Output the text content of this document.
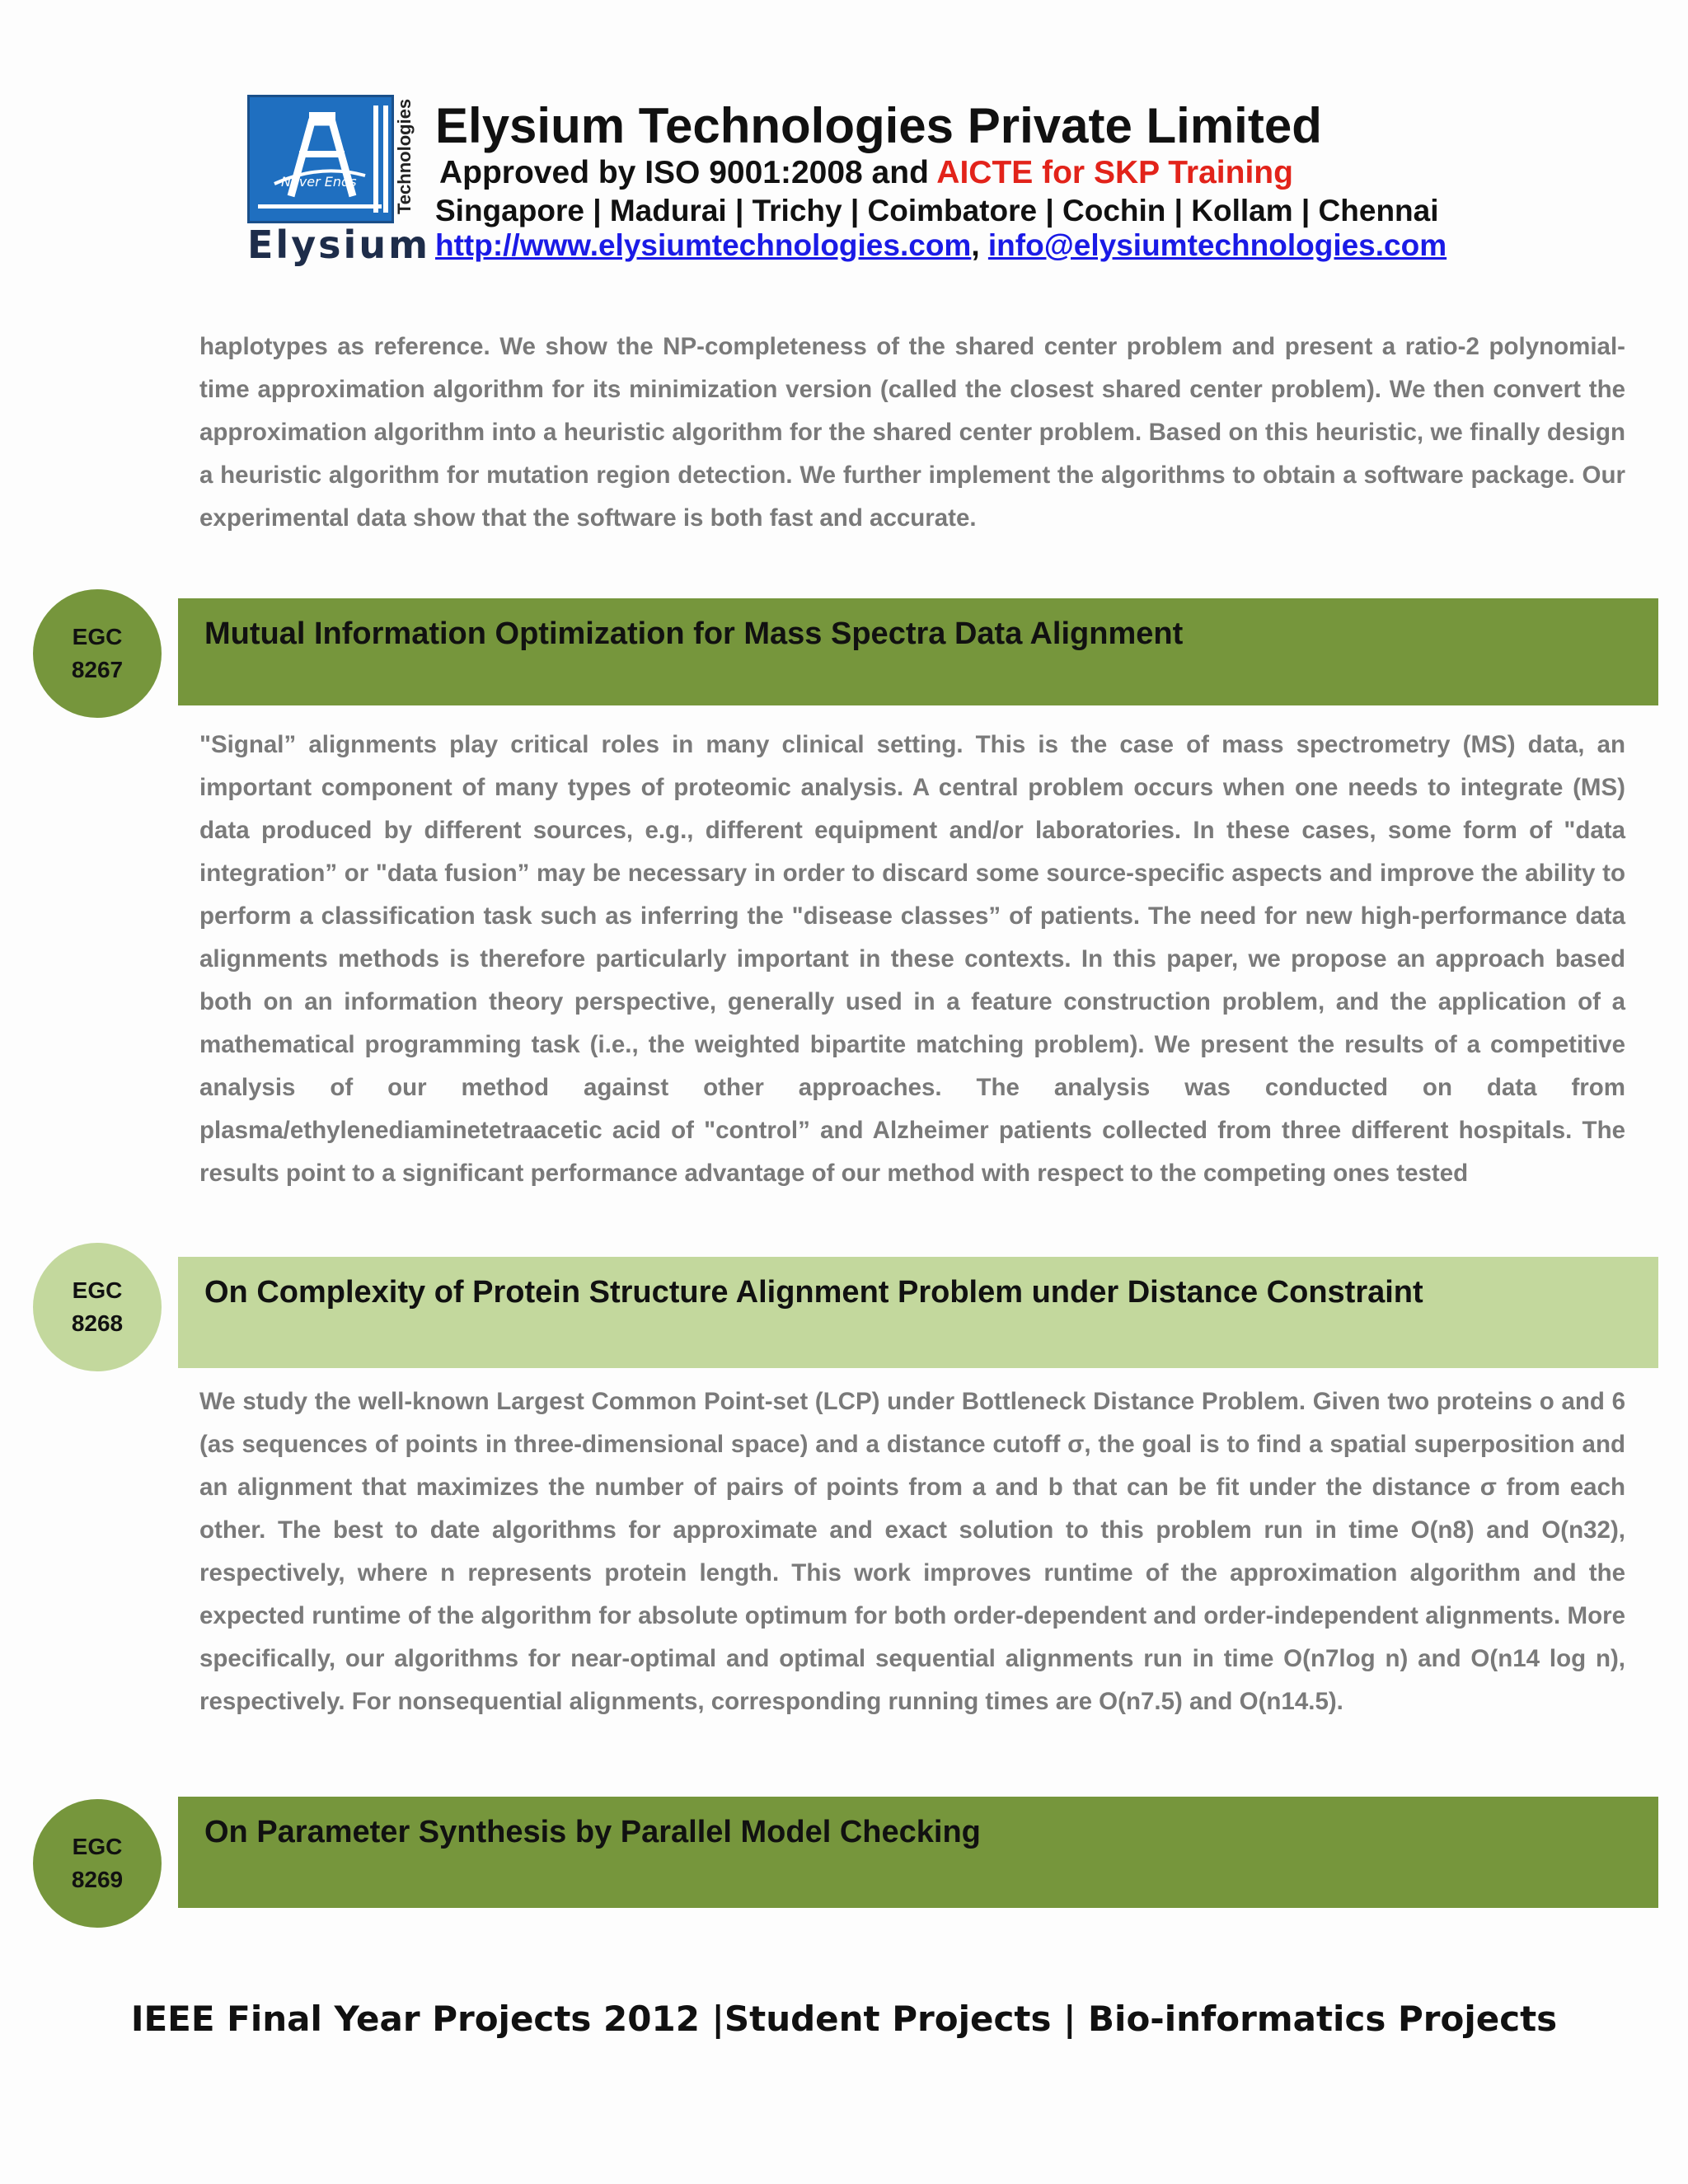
Never Ends Technologies
Elysium
Elysium Technologies Private Limited
Approved by ISO 9001:2008 and AICTE for SKP Training
Singapore | Madurai | Trichy | Coimbatore | Cochin | Kollam | Chennai
http://www.elysiumtechnologies.com, info@elysiumtechnologies.com
haplotypes as reference. We show the NP-completeness of the shared center problem and present a ratio-2 polynomial-time approximation algorithm for its minimization version (called the closest shared center problem). We then convert the approximation algorithm into a heuristic algorithm for the shared center problem. Based on this heuristic, we finally design a heuristic algorithm for mutation region detection. We further implement the algorithms to obtain a software package. Our experimental data show that the software is both fast and accurate.
EGC
8267
Mutual Information Optimization for Mass Spectra Data Alignment
"Signal” alignments play critical roles in many clinical setting. This is the case of mass spectrometry (MS) data, an important component of many types of proteomic analysis. A central problem occurs when one needs to integrate (MS) data produced by different sources, e.g., different equipment and/or laboratories. In these cases, some form of "data integration” or "data fusion” may be necessary in order to discard some source-specific aspects and improve the ability to perform a classification task such as inferring the "disease classes” of patients. The need for new high-performance data alignments methods is therefore particularly important in these contexts. In this paper, we propose an approach based both on an information theory perspective, generally used in a feature construction problem, and the application of a mathematical programming task (i.e., the weighted bipartite matching problem). We present the results of a competitive analysis of our method against other approaches. The analysis was conducted on data from plasma/ethylenediaminetetraacetic acid of "control” and Alzheimer patients collected from three different hospitals. The results point to a significant performance advantage of our method with respect to the competing ones tested
EGC
8268
On Complexity of Protein Structure Alignment Problem under Distance Constraint
We study the well-known Largest Common Point-set (LCP) under Bottleneck Distance Problem. Given two proteins o and 6 (as sequences of points in three-dimensional space) and a distance cutoff σ, the goal is to find a spatial superposition and an alignment that maximizes the number of pairs of points from a and b that can be fit under the distance σ from each other. The best to date algorithms for approximate and exact solution to this problem run in time O(n8) and O(n32), respectively, where n represents protein length. This work improves runtime of the approximation algorithm and the expected runtime of the algorithm for absolute optimum for both order-dependent and order-independent alignments. More specifically, our algorithms for near-optimal and optimal sequential alignments run in time O(n7log n) and O(n14 log n), respectively. For nonsequential alignments, corresponding running times are O(n7.5) and O(n14.5).
EGC
8269
On Parameter Synthesis by Parallel Model Checking
IEEE Final Year Projects 2012 |Student Projects | Bio-informatics Projects
